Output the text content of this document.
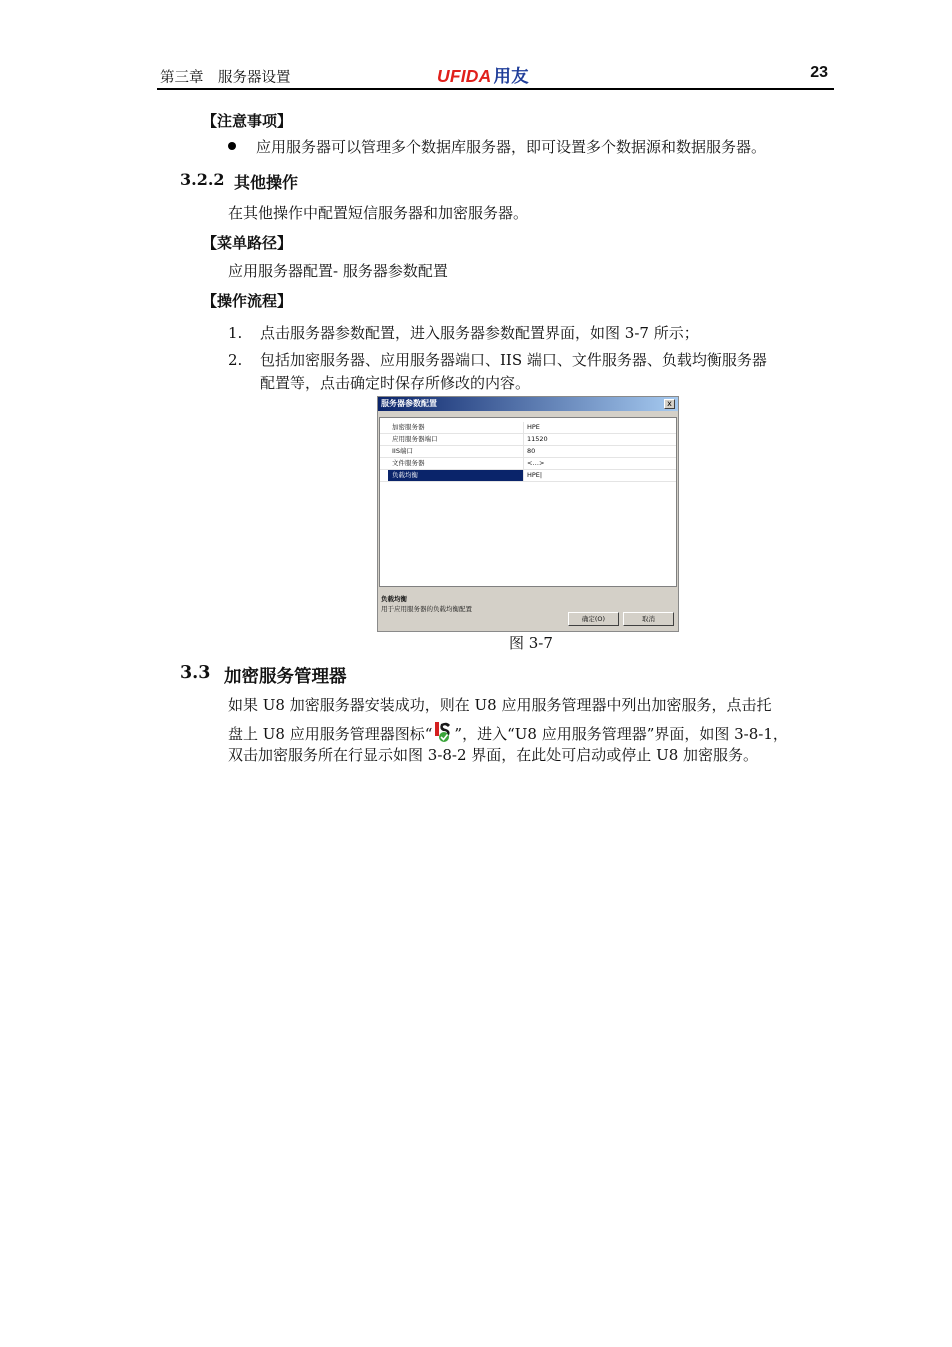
第三章　服务器设置	UFIDA 用友	23
【注意事项】
应用服务器可以管理多个数据库服务器，即可设置多个数据源和数据服务器。
3.2.2 其他操作
在其他操作中配置短信服务器和加密服务器。
【菜单路径】
应用服务器配置- 服务器参数配置
【操作流程】
1. 点击服务器参数配置，进入服务器参数配置界面，如图 3-7 所示；
2. 包括加密服务器、应用服务器端口、IIS 端口、文件服务器、负载均衡服务器
配置等，点击确定时保存所修改的内容。
服务器参数配置	x
加密服务器	HPE
应用服务器端口	11520
IIS端口	80
文件服务器	<…>
负载均衡	HPE|
负载均衡
用于应用服务器的负载均衡配置
确定(O)	取消
图 3-7
3.3 加密服务管理器
如果 U8 加密服务器安装成功，则在 U8 应用服务管理器中列出加密服务，点击托
盘上 U8 应用服务管理器图标“ ”，进入“U8 应用服务管理器”界面，如图 3-8-1，
双击加密服务所在行显示如图 3-8-2 界面，在此处可启动或停止 U8 加密服务。
